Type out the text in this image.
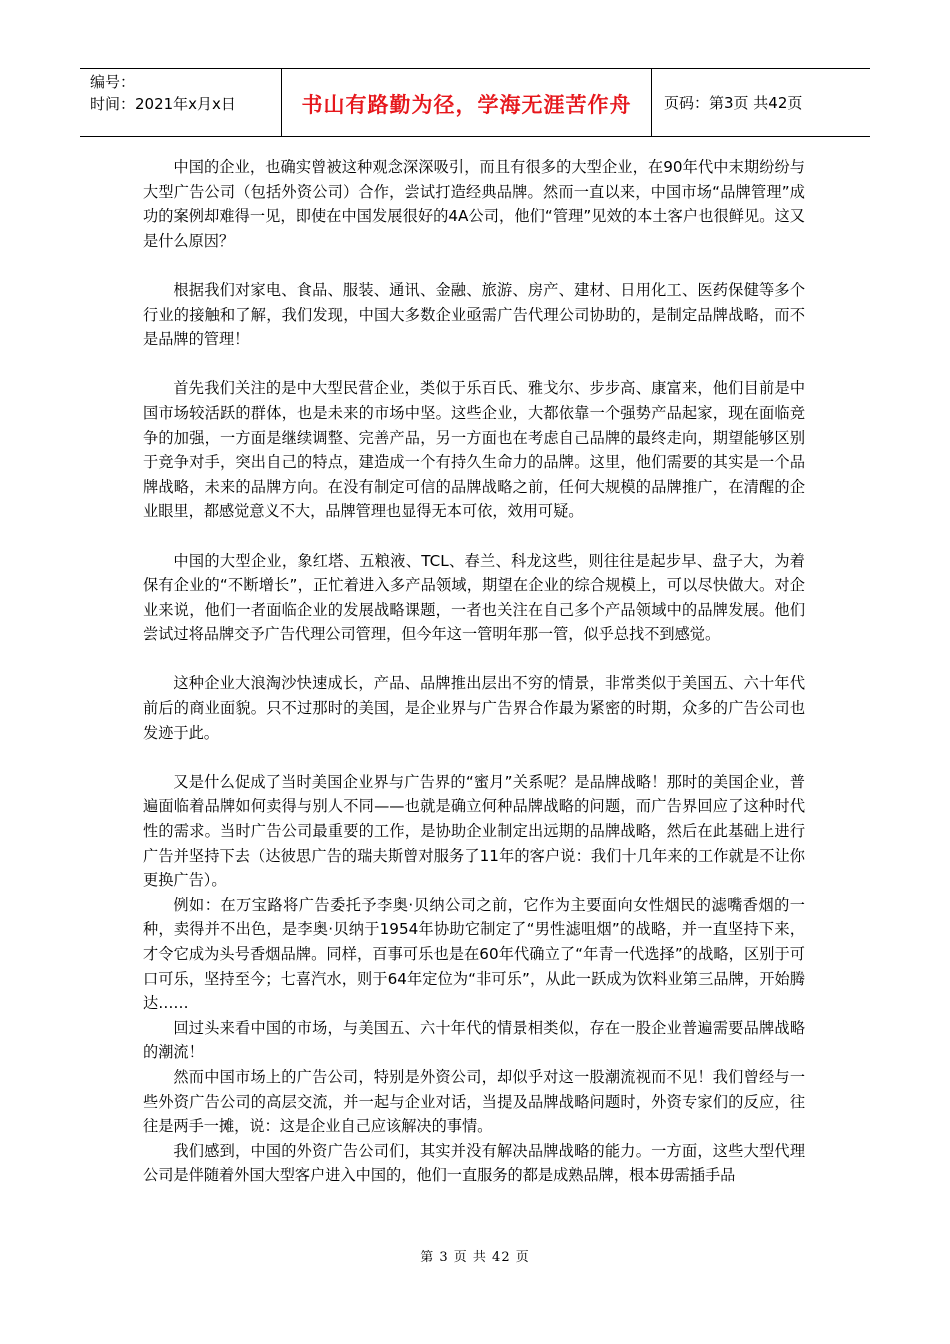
编号：
时间：2021年x月x日	书山有路勤为径，学海无涯苦作舟	页码：第3页 共42页

中国的企业，也确实曾被这种观念深深吸引，而且有很多的大型企业，在90年代中末期纷纷与大型广告公司（包括外资公司）合作，尝试打造经典品牌。然而一直以来，中国市场“品牌管理”成功的案例却难得一见，即使在中国发展很好的4A公司，他们“管理”见效的本土客户也很鲜见。这又是什么原因？

根据我们对家电、食品、服装、通讯、金融、旅游、房产、建材、日用化工、医药保健等多个行业的接触和了解，我们发现，中国大多数企业亟需广告代理公司协助的，是制定品牌战略，而不是品牌的管理！

首先我们关注的是中大型民营企业，类似于乐百氏、雅戈尔、步步高、康富来，他们目前是中国市场较活跃的群体，也是未来的市场中坚。这些企业，大都依靠一个强势产品起家，现在面临竞争的加强，一方面是继续调整、完善产品，另一方面也在考虑自己品牌的最终走向，期望能够区别于竞争对手，突出自己的特点，建造成一个有持久生命力的品牌。这里，他们需要的其实是一个品牌战略，未来的品牌方向。在没有制定可信的品牌战略之前，任何大规模的品牌推广，在清醒的企业眼里，都感觉意义不大，品牌管理也显得无本可依，效用可疑。

中国的大型企业，象红塔、五粮液、TCL、春兰、科龙这些，则往往是起步早、盘子大，为着保有企业的“不断增长”，正忙着进入多产品领域，期望在企业的综合规模上，可以尽快做大。对企业来说，他们一者面临企业的发展战略课题，一者也关注在自己多个产品领域中的品牌发展。他们尝试过将品牌交予广告代理公司管理，但今年这一管明年那一管，似乎总找不到感觉。

这种企业大浪淘沙快速成长，产品、品牌推出层出不穷的情景，非常类似于美国五、六十年代前后的商业面貌。只不过那时的美国，是企业界与广告界合作最为紧密的时期，众多的广告公司也发迹于此。

又是什么促成了当时美国企业界与广告界的“蜜月”关系呢？是品牌战略！那时的美国企业，普遍面临着品牌如何卖得与别人不同——也就是确立何种品牌战略的问题，而广告界回应了这种时代性的需求。当时广告公司最重要的工作，是协助企业制定出远期的品牌战略，然后在此基础上进行广告并坚持下去（达彼思广告的瑞夫斯曾对服务了11年的客户说：我们十几年来的工作就是不让你更换广告）。

例如：在万宝路将广告委托予李奥·贝纳公司之前，它作为主要面向女性烟民的滤嘴香烟的一种，卖得并不出色，是李奥·贝纳于1954年协助它制定了“男性滤咀烟”的战略，并一直坚持下来，才令它成为头号香烟品牌。同样，百事可乐也是在60年代确立了“年青一代选择”的战略，区别于可口可乐，坚持至今；七喜汽水，则于64年定位为“非可乐”，从此一跃成为饮料业第三品牌，开始腾达……

回过头来看中国的市场，与美国五、六十年代的情景相类似，存在一股企业普遍需要品牌战略的潮流！

然而中国市场上的广告公司，特别是外资公司，却似乎对这一股潮流视而不见！我们曾经与一些外资广告公司的高层交流，并一起与企业对话，当提及品牌战略问题时，外资专家们的反应，往往是两手一摊，说：这是企业自己应该解决的事情。

我们感到，中国的外资广告公司们，其实并没有解决品牌战略的能力。一方面，这些大型代理公司是伴随着外国大型客户进入中国的，他们一直服务的都是成熟品牌，根本毋需插手品

第 3 页 共 42 页
